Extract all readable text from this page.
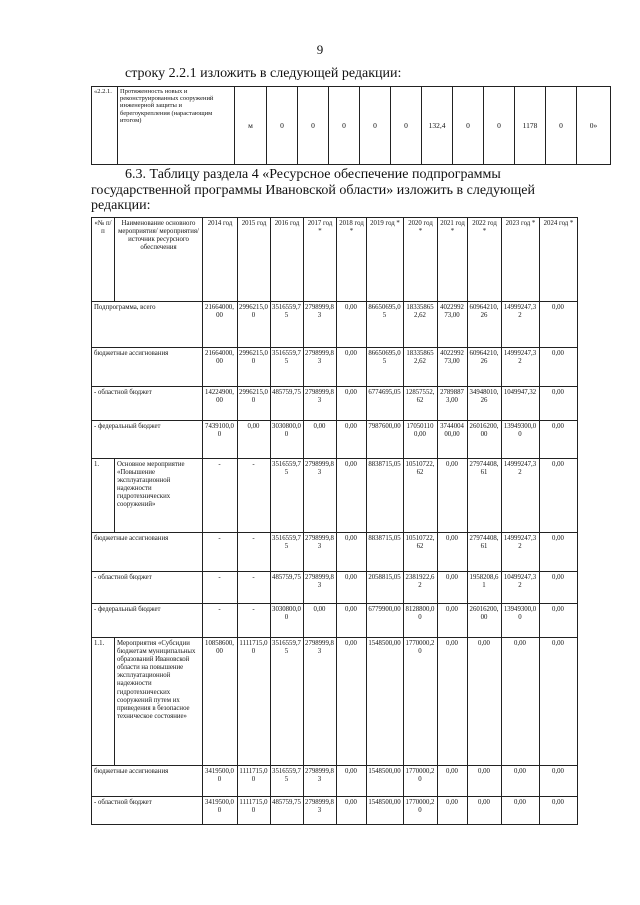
9
строку 2.2.1 изложить в следующей редакции:
«2.2.1.	Протяженность новых и реконструированных сооружений инженерной защиты и берегоукрепления (нарастающим итогом)	м	0	0	0	0	0	132,4	0	0	1178	0	0»
6.3. Таблицу раздела 4 «Ресурсное обеспечение подпрограммы
государственной программы Ивановской области» изложить в следующей
редакции:
«№ п/п	Наименование основного мероприятия/ мероприятия/источник ресурсного обеспечения	2014 год	2015 год	2016 год	2017 год *	2018 год *	2019 год *	2020 год *	2021 год *	2022 год *	2023 год *	2024 год *
Подпрограмма, всего		21664000,00	2996215,00	3516559,75	2798999,83	0,00	86650695,05	183358652,62	402299273,00	60964210,26	14999247,32	0,00
бюджетные ассигнования		21664000,00	2996215,00	3516559,75	2798999,83	0,00	86650695,05	183358652,62	402299273,00	60964210,26	14999247,32	0,00
- областной бюджет		14224900,00	2996215,00	485759,75	2798999,83	0,00	6774695,05	12857552,62	27898873,00	34948010,26	1049947,32	0,00
- федеральный бюджет		7439100,00	0,00	3030800,00	0,00	0,00	7987600,00	170501100,00	374400400,00	26016200,00	13949300,00	0,00
1.	Основное мероприятие «Повышение эксплуатационной надежности гидротехнических сооружений»	-	-	3516559,75	2798999,83	0,00	8838715,05	10510722,62	0,00	27974408,61	14999247,32	0,00
бюджетные ассигнования		-	-	3516559,75	2798999,83	0,00	8838715,05	10510722,62	0,00	27974408,61	14999247,32	0,00
- областной бюджет		-	-	485759,75	2798999,83	0,00	2058815,05	2381922,62	0,00	1958208,61	10499247,32	0,00
- федеральный бюджет		-	-	3030800,00	0,00	0,00	6779900,00	8128800,00	0,00	26016200,00	13949300,00	0,00
1.1.	Мероприятия «Субсидии бюджетам муниципальных образований Ивановской области на повышение эксплуатационной надежности гидротехнических сооружений путем их приведения в безопасное техническое состояние»	10858600,00	1111715,00	3516559,75	2798999,83	0,00	1548500,00	1770000,20	0,00	0,00	0,00	0,00
бюджетные ассигнования		3419500,00	1111715,00	3516559,75	2798999,83	0,00	1548500,00	1770000,20	0,00	0,00	0,00	0,00
- областной бюджет		3419500,00	1111715,00	485759,75	2798999,83	0,00	1548500,00	1770000,20	0,00	0,00	0,00	0,00
